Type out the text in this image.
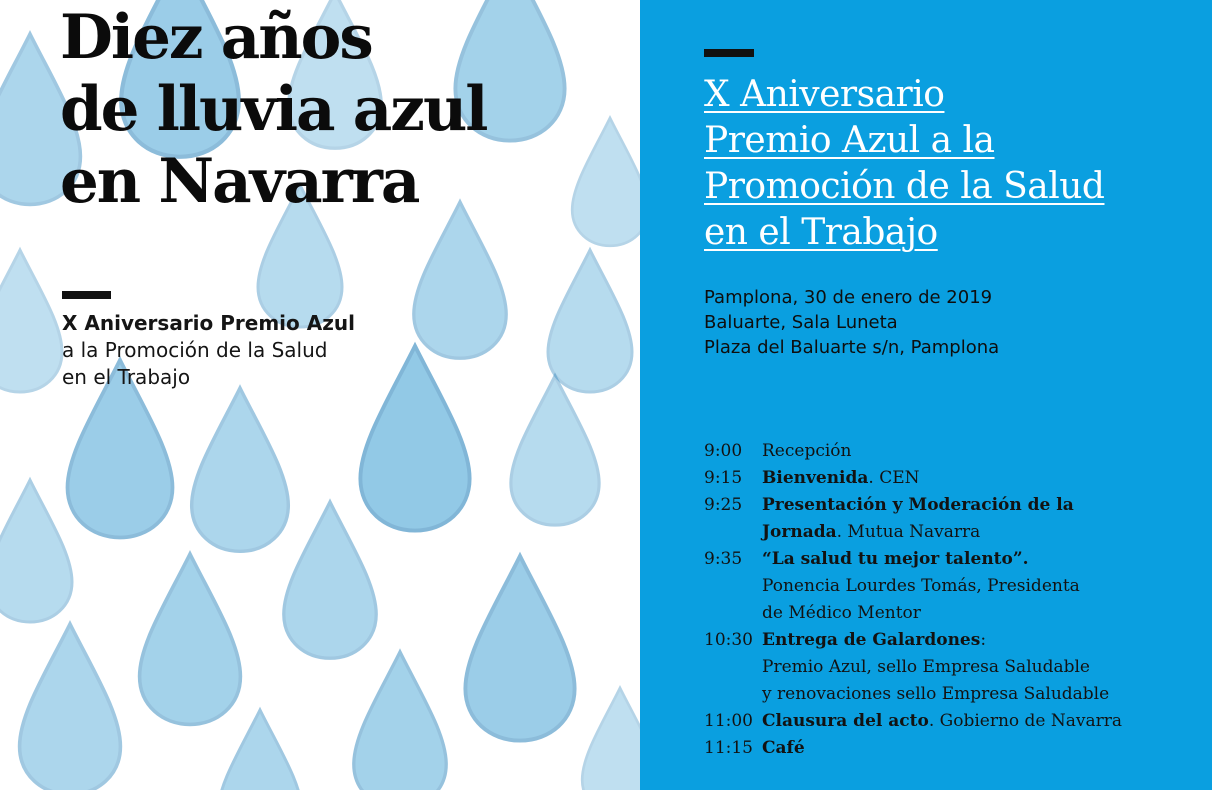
Diez años
de lluvia azul
en Navarra

X Aniversario Premio Azul
a la Promoción de la Salud
en el Trabajo

X Aniversario
Premio Azul a la
Promoción de la Salud
en el Trabajo

Pamplona, 30 de enero de 2019
Baluarte, Sala Luneta
Plaza del Baluarte s/n, Pamplona

9:00	Recepción
9:15	Bienvenida. CEN
9:25	Presentación y Moderación de la
Jornada. Mutua Navarra
9:35	“La salud tu mejor talento”.
Ponencia Lourdes Tomás, Presidenta
de Médico Mentor
10:30 Entrega de Galardones:
Premio Azul, sello Empresa Saludable
y renovaciones sello Empresa Saludable
11:00 Clausura del acto. Gobierno de Navarra
11:15 Café
